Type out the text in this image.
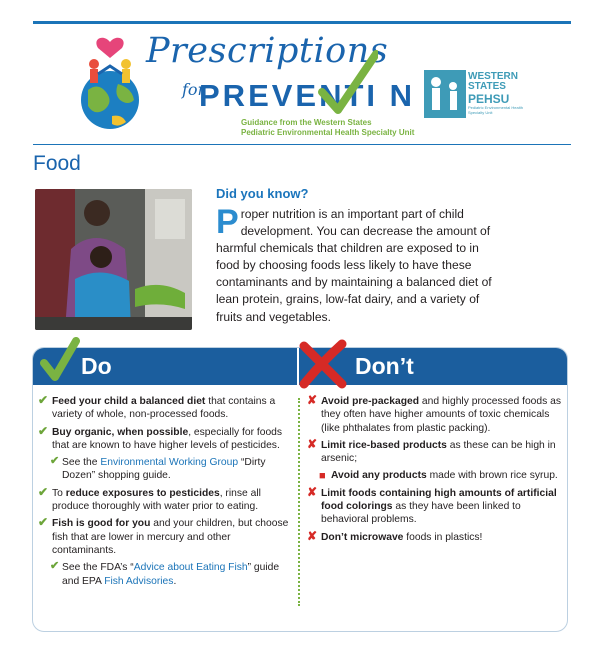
Prescriptions
for
PREVENTI N
Guidance from the Western States
Pediatric Environmental Health Specialty Unit
WESTERN
STATES
PEHSU
Pediatric Environmental Health Specialty Unit
Food
Did you know?
Proper nutrition is an important part of child development. You can decrease the amount of harmful chemicals that children are exposed to in food by choosing foods less likely to have these contaminants and by maintaining a balanced diet of lean protein, grains, low-fat dairy, and a variety of fruits and vegetables.
Do	Don’t
✔ Feed your child a balanced diet that contains a variety of whole, non-processed foods.
✔ Buy organic, when possible, especially for foods that are known to have higher levels of pesticides.
✔ See the Environmental Working Group “Dirty Dozen” shopping guide.
✔ To reduce exposures to pesticides, rinse all produce thoroughly with water prior to eating.
✔ Fish is good for you and your children, but choose fish that are lower in mercury and other contaminants.
✔ See the FDA’s “Advice about Eating Fish” guide and EPA Fish Advisories.
✘ Avoid pre-packaged and highly processed foods as they often have higher amounts of toxic chemicals (like phthalates from plastic packing).
✘ Limit rice-based products as these can be high in arsenic;
■ Avoid any products made with brown rice syrup.
✘ Limit foods containing high amounts of artificial food colorings as they have been linked to behavioral problems.
✘ Don’t microwave foods in plastics!
